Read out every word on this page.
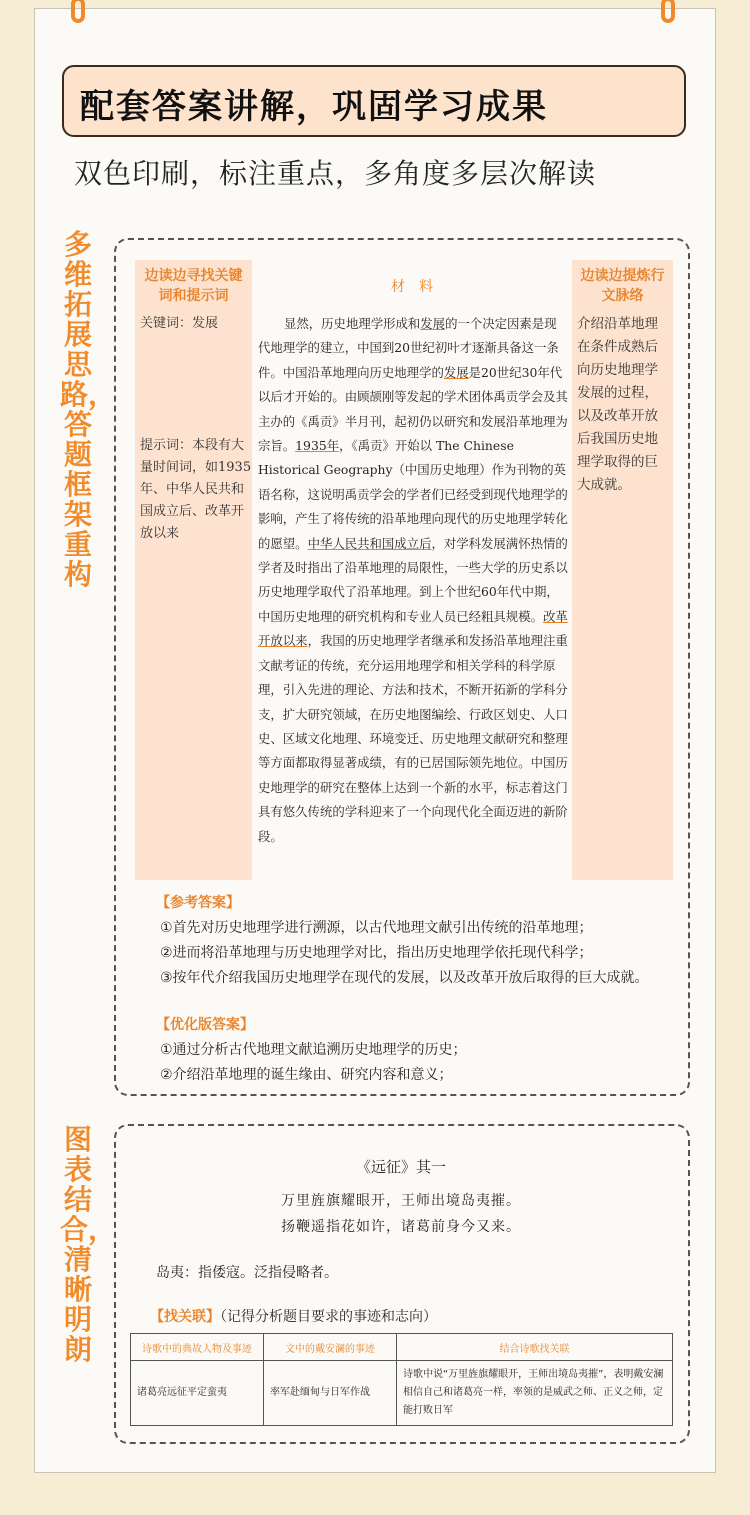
配套答案讲解，巩固学习成果
双色印刷，标注重点，多角度多层次解读
多维拓展思路，答题框架重构
图表结合，清晰明朗
边读边寻找关键词和提示词
关键词：发展
提示词：本段有大量时间词，如1935年、中华人民共和国成立后、改革开放以来
边读边提炼行文脉络
介绍沿革地理在条件成熟后向历史地理学发展的过程，以及改革开放后我国历史地理学取得的巨大成就。
材　料
显然，历史地理学形成和发展的一个决定因素是现代地理学的建立，中国到20世纪初叶才逐渐具备这一条件。中国沿革地理向历史地理学的发展是20世纪30年代以后才开始的。由顾颉刚等发起的学术团体禹贡学会及其主办的《禹贡》半月刊，起初仍以研究和发展沿革地理为宗旨。1935年，《禹贡》开始以 The Chinese Historical Geography（中国历史地理）作为刊物的英语名称，这说明禹贡学会的学者们已经受到现代地理学的影响，产生了将传统的沿革地理向现代的历史地理学转化的愿望。中华人民共和国成立后，对学科发展满怀热情的学者及时指出了沿革地理的局限性，一些大学的历史系以历史地理学取代了沿革地理。到上个世纪60年代中期，中国历史地理的研究机构和专业人员已经粗具规模。改革开放以来，我国的历史地理学者继承和发扬沿革地理注重文献考证的传统，充分运用地理学和相关学科的科学原理，引入先进的理论、方法和技术，不断开拓新的学科分支，扩大研究领域，在历史地图编绘、行政区划史、人口史、区域文化地理、环境变迁、历史地理文献研究和整理等方面都取得显著成绩，有的已居国际领先地位。中国历史地理学的研究在整体上达到一个新的水平，标志着这门具有悠久传统的学科迎来了一个向现代化全面迈进的新阶段。
【参考答案】
①首先对历史地理学进行溯源，以古代地理文献引出传统的沿革地理；
②进而将沿革地理与历史地理学对比，指出历史地理学依托现代科学；
③按年代介绍我国历史地理学在现代的发展，以及改革开放后取得的巨大成就。
【优化版答案】
①通过分析古代地理文献追溯历史地理学的历史；
②介绍沿革地理的诞生缘由、研究内容和意义；
《远征》其一
万里旌旗耀眼开，王师出境岛夷摧。
扬鞭遥指花如许，诸葛前身今又来。
岛夷：指倭寇。泛指侵略者。
【找关联】（记得分析题目要求的事迹和志向）
诗歌中的典故人物及事迹	文中的戴安澜的事迹	结合诗歌找关联
诸葛亮远征平定蛮夷	率军赴缅甸与日军作战	诗歌中说“万里旌旗耀眼开，王师出境岛夷摧”，表明戴安澜相信自己和诸葛亮一样，率领的是威武之师、正义之师，定能打败日军
